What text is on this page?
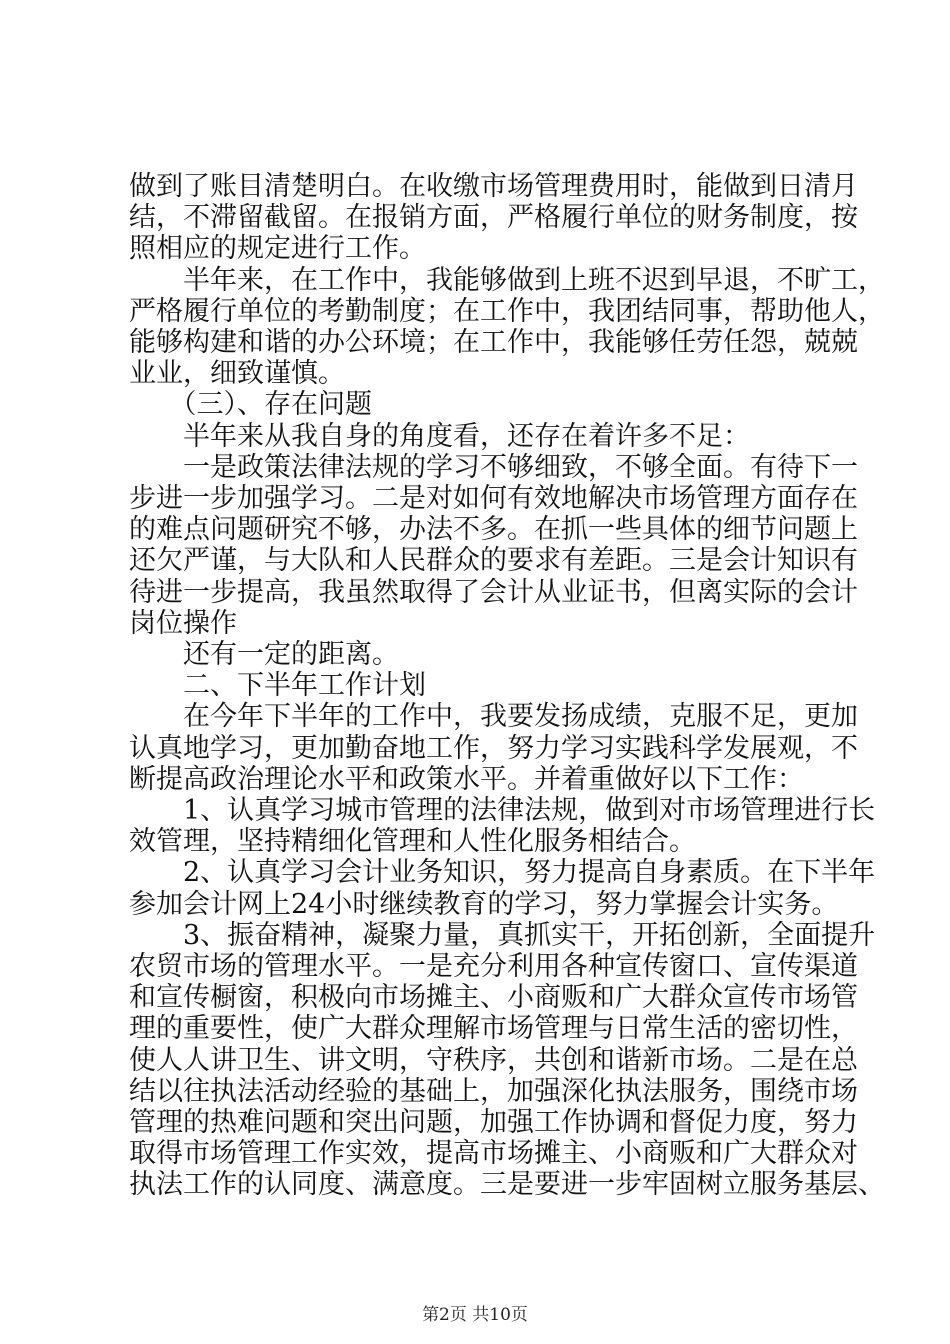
做到了账目清楚明白。在收缴市场管理费用时，能做到日清月
结，不滞留截留。在报销方面，严格履行单位的财务制度，按
照相应的规定进行工作。
　　半年来，在工作中，我能够做到上班不迟到早退，不旷工，
严格履行单位的考勤制度；在工作中，我团结同事，帮助他人，
能够构建和谐的办公环境；在工作中，我能够任劳任怨，兢兢
业业，细致谨慎。
　　（三）、存在问题
　　半年来从我自身的角度看，还存在着许多不足：
　　一是政策法律法规的学习不够细致，不够全面。有待下一
步进一步加强学习。二是对如何有效地解决市场管理方面存在
的难点问题研究不够，办法不多。在抓一些具体的细节问题上
还欠严谨，与大队和人民群众的要求有差距。三是会计知识有
待进一步提高，我虽然取得了会计从业证书，但离实际的会计
岗位操作
　　还有一定的距离。
　　二、下半年工作计划
　　在今年下半年的工作中，我要发扬成绩，克服不足，更加
认真地学习，更加勤奋地工作，努力学习实践科学发展观，不
断提高政治理论水平和政策水平。并着重做好以下工作：
　　1、认真学习城市管理的法律法规，做到对市场管理进行长
效管理，坚持精细化管理和人性化服务相结合。
　　2、认真学习会计业务知识，努力提高自身素质。在下半年
参加会计网上24小时继续教育的学习，努力掌握会计实务。
　　3、振奋精神，凝聚力量，真抓实干，开拓创新，全面提升
农贸市场的管理水平。一是充分利用各种宣传窗口、宣传渠道
和宣传橱窗，积极向市场摊主、小商贩和广大群众宣传市场管
理的重要性，使广大群众理解市场管理与日常生活的密切性，
使人人讲卫生、讲文明，守秩序，共创和谐新市场。二是在总
结以往执法活动经验的基础上，加强深化执法服务，围绕市场
管理的热难问题和突出问题，加强工作协调和督促力度，努力
取得市场管理工作实效，提高市场摊主、小商贩和广大群众对
执法工作的认同度、满意度。三是要进一步牢固树立服务基层、
第2页 共10页
